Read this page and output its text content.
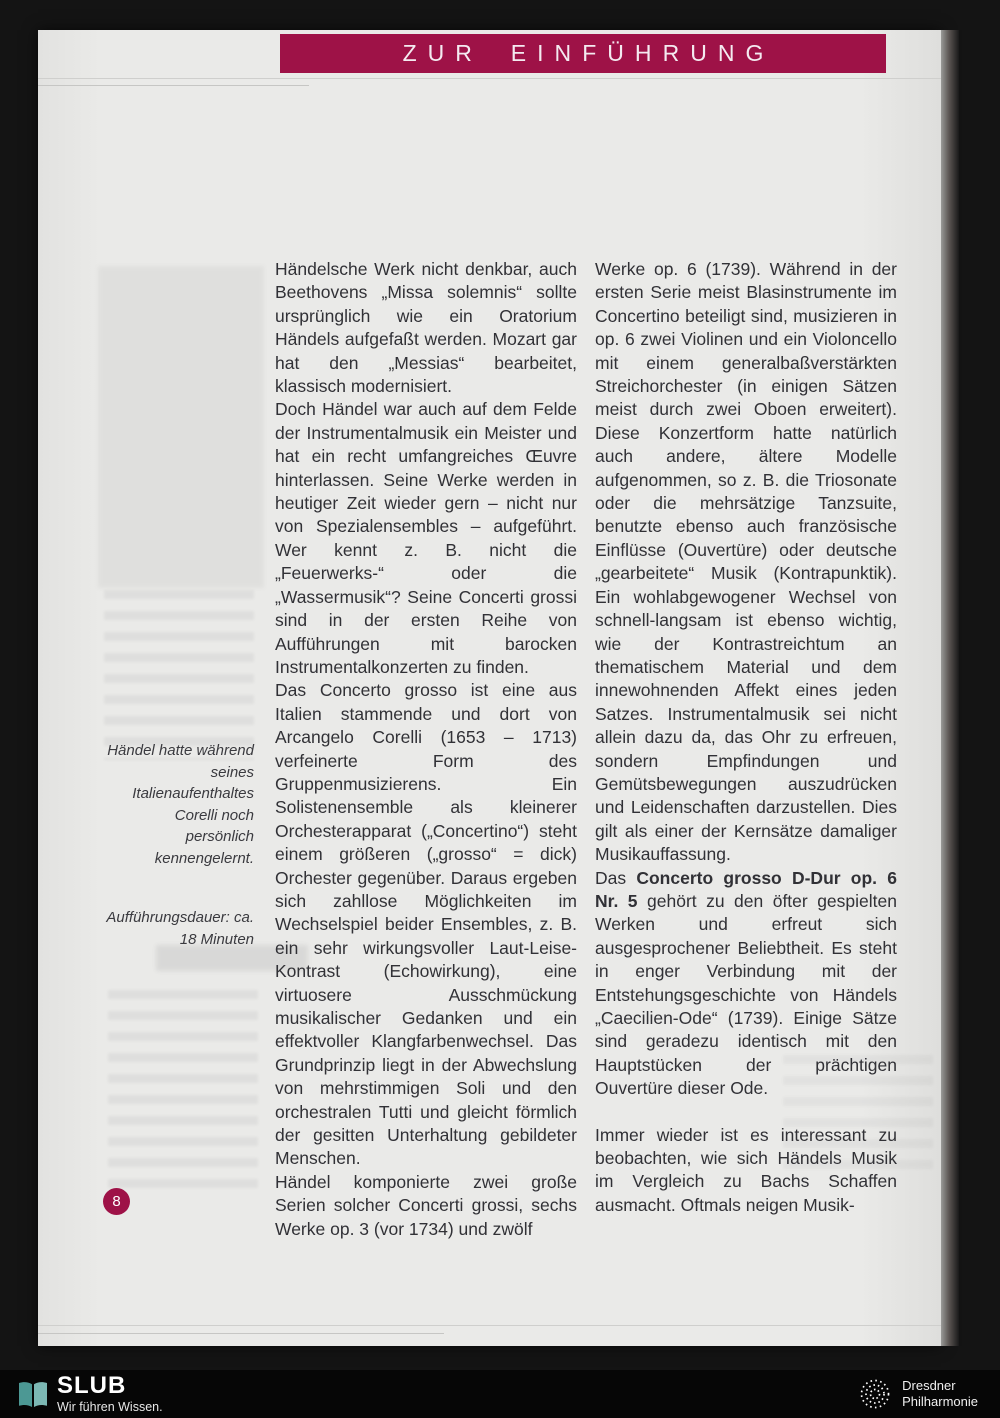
ZUR EINFÜHRUNG

Händel hatte während seines Italienaufenthaltes Corelli noch persönlich kennengelernt.

Aufführungsdauer: ca. 18 Minuten

Händelsche Werk nicht denkbar, auch Beethovens „Missa solemnis“ sollte ursprünglich wie ein Oratorium Händels aufgefaßt werden. Mozart gar hat den „Messias“ bearbeitet, klassisch modernisiert.

Doch Händel war auch auf dem Felde der Instrumentalmusik ein Meister und hat ein recht umfangreiches Œuvre hinterlassen. Seine Werke werden in heutiger Zeit wieder gern – nicht nur von Spezialensembles – aufgeführt. Wer kennt z. B. nicht die „Feuerwerks-“ oder die „Wassermusik“? Seine Concerti grossi sind in der ersten Reihe von Aufführungen mit barocken Instrumentalkonzerten zu finden.

Das Concerto grosso ist eine aus Italien stammende und dort von Arcangelo Corelli (1653 – 1713) verfeinerte Form des Gruppenmusizierens. Ein Solistenensemble als kleinerer Orchesterapparat („Concertino“) steht einem größeren („grosso“ = dick) Orchester gegenüber. Daraus ergeben sich zahllose Möglichkeiten im Wechselspiel beider Ensembles, z. B. ein sehr wirkungsvoller Laut-Leise-Kontrast (Echowirkung), eine virtuosere Ausschmückung musikalischer Gedanken und ein effektvoller Klangfarbenwechsel. Das Grundprinzip liegt in der Abwechslung von mehrstimmigen Soli und den orchestralen Tutti und gleicht förmlich der gesitten Unterhaltung gebildeter Menschen.

Händel komponierte zwei große Serien solcher Concerti grossi, sechs Werke op. 3 (vor 1734) und zwölf

Werke op. 6 (1739). Während in der ersten Serie meist Blasinstrumente im Concertino beteiligt sind, musizieren in op. 6 zwei Violinen und ein Violoncello mit einem generalbaßverstärkten Streichorchester (in einigen Sätzen meist durch zwei Oboen erweitert). Diese Konzertform hatte natürlich auch andere, ältere Modelle aufgenommen, so z. B. die Triosonate oder die mehrsätzige Tanzsuite, benutzte ebenso auch französische Einflüsse (Ouvertüre) oder deutsche „gearbeitete“ Musik (Kontrapunktik). Ein wohlabgewogener Wechsel von schnell-langsam ist ebenso wichtig, wie der Kontrastreichtum an thematischem Material und dem innewohnenden Affekt eines jeden Satzes. Instrumentalmusik sei nicht allein dazu da, das Ohr zu erfreuen, sondern Empfindungen und Gemütsbewegungen auszudrücken und Leidenschaften darzustellen. Dies gilt als einer der Kernsätze damaliger Musikauffassung.

Das Concerto grosso D-Dur op. 6 Nr. 5 gehört zu den öfter gespielten Werken und erfreut sich ausgesprochener Beliebtheit. Es steht in enger Verbindung mit der Entstehungsgeschichte von Händels „Caecilien-Ode“ (1739). Einige Sätze sind geradezu identisch mit den Hauptstücken der prächtigen Ouvertüre dieser Ode.

Immer wieder ist es interessant zu beobachten, wie sich Händels Musik im Vergleich zu Bachs Schaffen ausmacht. Oftmals neigen Musik-

8
SLUB
Wir führen Wissen.
Dresdner
Philharmonie
